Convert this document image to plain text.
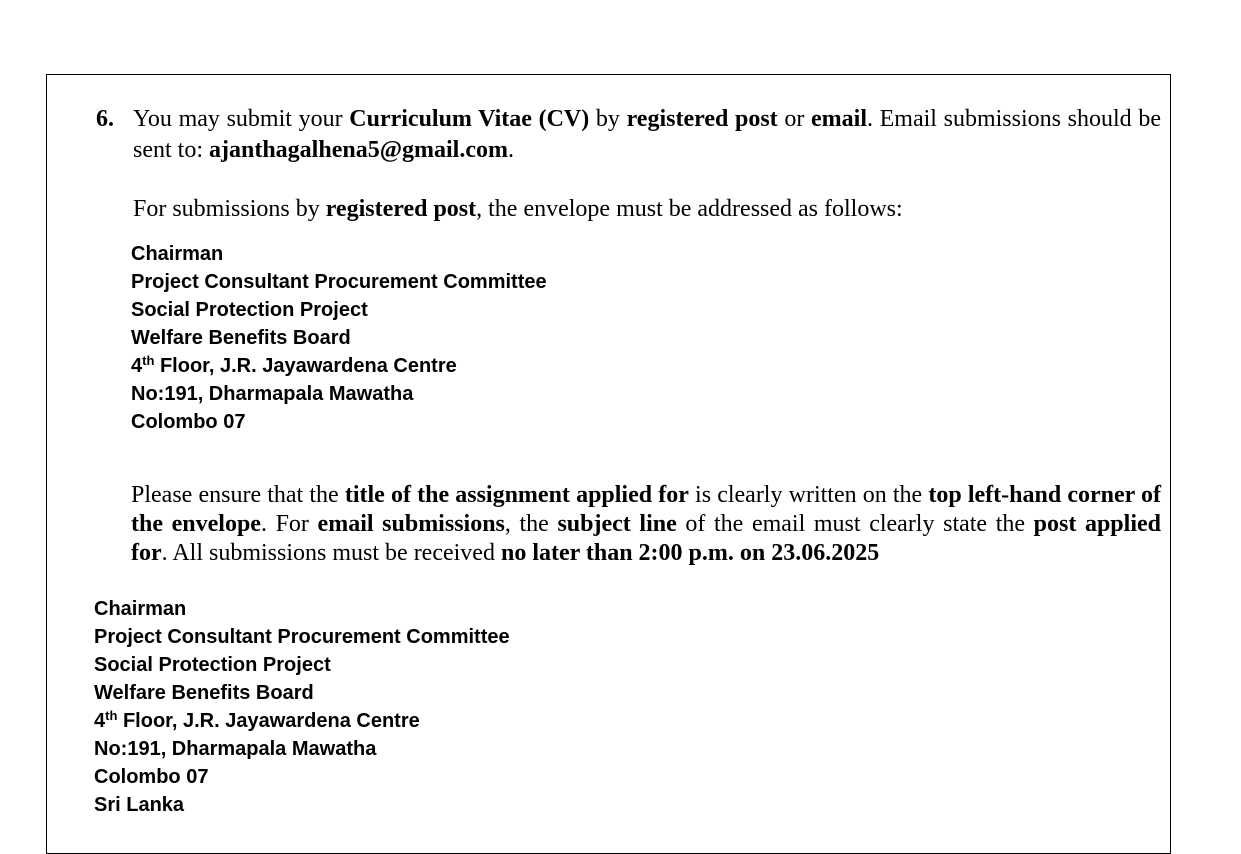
6. You may submit your Curriculum Vitae (CV) by registered post or email. Email submissions should be sent to: ajanthagalhena5@gmail.com.

For submissions by registered post, the envelope must be addressed as follows:

Chairman
Project Consultant Procurement Committee
Social Protection Project
Welfare Benefits Board
4th Floor, J.R. Jayawardena Centre
No:191, Dharmapala Mawatha
Colombo 07

Please ensure that the title of the assignment applied for is clearly written on the top left-hand corner of the envelope. For email submissions, the subject line of the email must clearly state the post applied for. All submissions must be received no later than 2:00 p.m. on 23.06.2025

Chairman
Project Consultant Procurement Committee
Social Protection Project
Welfare Benefits Board
4th Floor, J.R. Jayawardena Centre
No:191, Dharmapala Mawatha
Colombo 07
Sri Lanka
